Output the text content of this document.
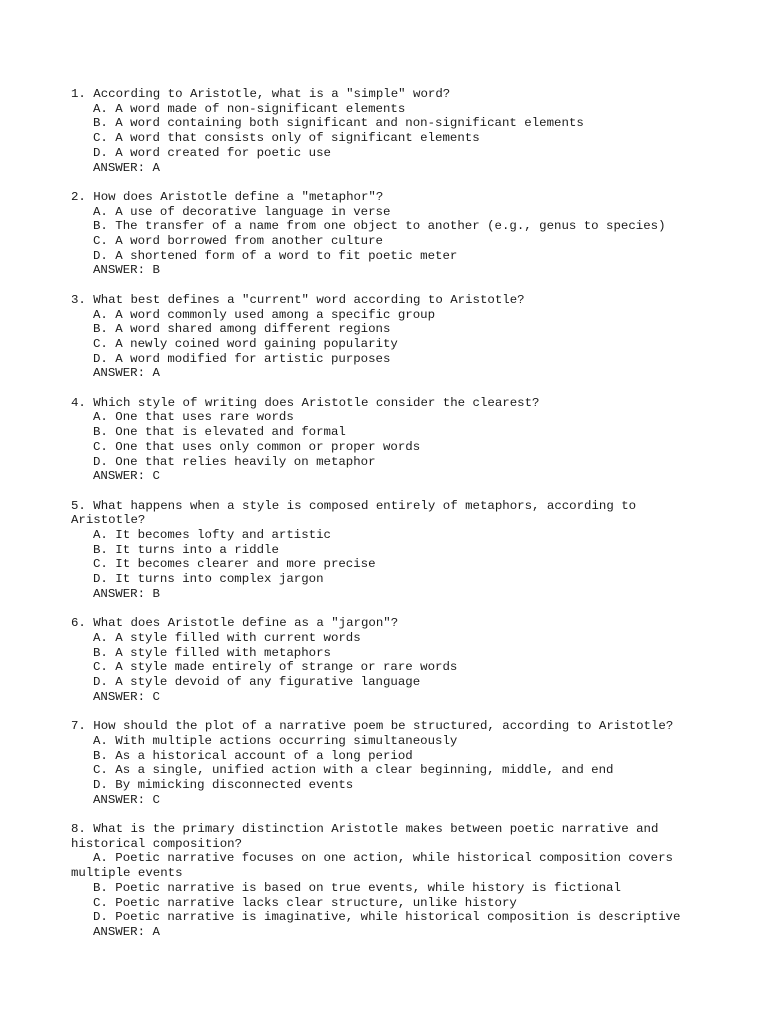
1. According to Aristotle, what is a "simple" word?
A. A word made of non-significant elements
B. A word containing both significant and non-significant elements
C. A word that consists only of significant elements
D. A word created for poetic use
ANSWER: A
2. How does Aristotle define a "metaphor"?
A. A use of decorative language in verse
B. The transfer of a name from one object to another (e.g., genus to species)
C. A word borrowed from another culture
D. A shortened form of a word to fit poetic meter
ANSWER: B
3. What best defines a "current" word according to Aristotle?
A. A word commonly used among a specific group
B. A word shared among different regions
C. A newly coined word gaining popularity
D. A word modified for artistic purposes
ANSWER: A
4. Which style of writing does Aristotle consider the clearest?
A. One that uses rare words
B. One that is elevated and formal
C. One that uses only common or proper words
D. One that relies heavily on metaphor
ANSWER: C
5. What happens when a style is composed entirely of metaphors, according to Aristotle?
A. It becomes lofty and artistic
B. It turns into a riddle
C. It becomes clearer and more precise
D. It turns into complex jargon
ANSWER: B
6. What does Aristotle define as a "jargon"?
A. A style filled with current words
B. A style filled with metaphors
C. A style made entirely of strange or rare words
D. A style devoid of any figurative language
ANSWER: C
7. How should the plot of a narrative poem be structured, according to Aristotle?
A. With multiple actions occurring simultaneously
B. As a historical account of a long period
C. As a single, unified action with a clear beginning, middle, and end
D. By mimicking disconnected events
ANSWER: C
8. What is the primary distinction Aristotle makes between poetic narrative and historical composition?
A. Poetic narrative focuses on one action, while historical composition covers multiple events
B. Poetic narrative is based on true events, while history is fictional
C. Poetic narrative lacks clear structure, unlike history
D. Poetic narrative is imaginative, while historical composition is descriptive
ANSWER: A
